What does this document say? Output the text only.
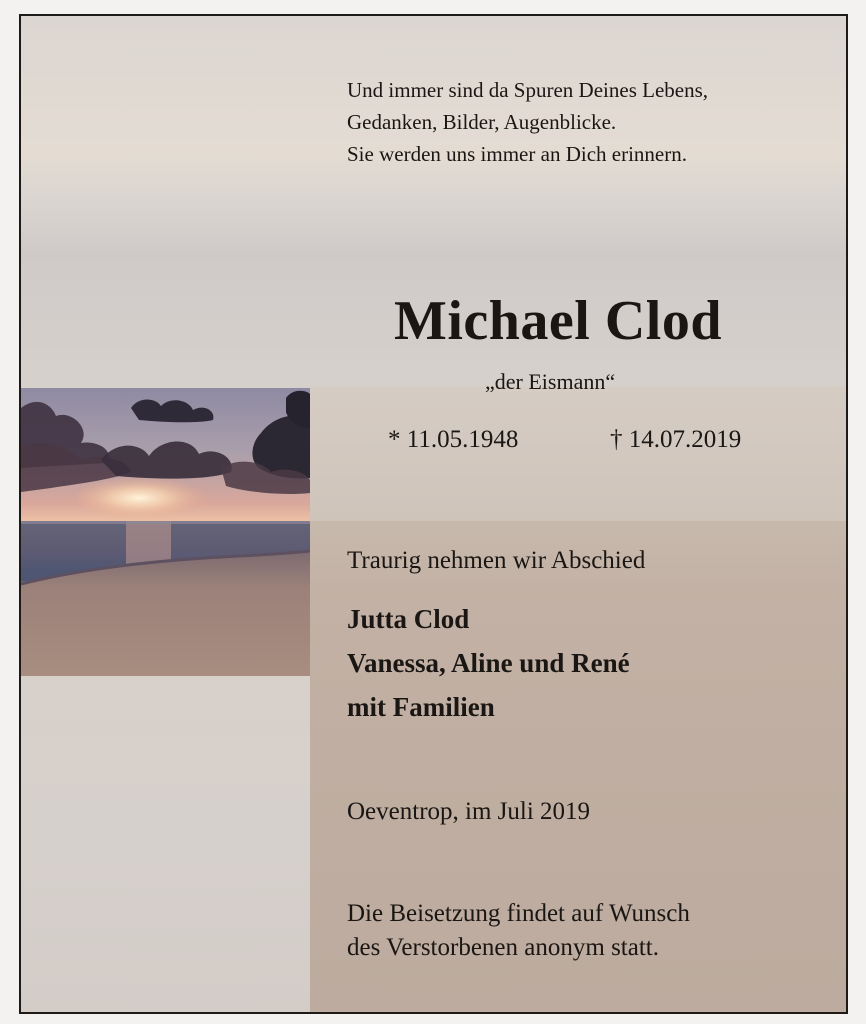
Und immer sind da Spuren Deines Lebens,
Gedanken, Bilder, Augenblicke.
Sie werden uns immer an Dich erinnern.
Michael Clod
„der Eismann“
* 11.05.1948	† 14.07.2019
Traurig nehmen wir Abschied
Jutta Clod
Vanessa, Aline und René
mit Familien
Oeventrop, im Juli 2019
Die Beisetzung findet auf Wunsch
des Verstorbenen anonym statt.
